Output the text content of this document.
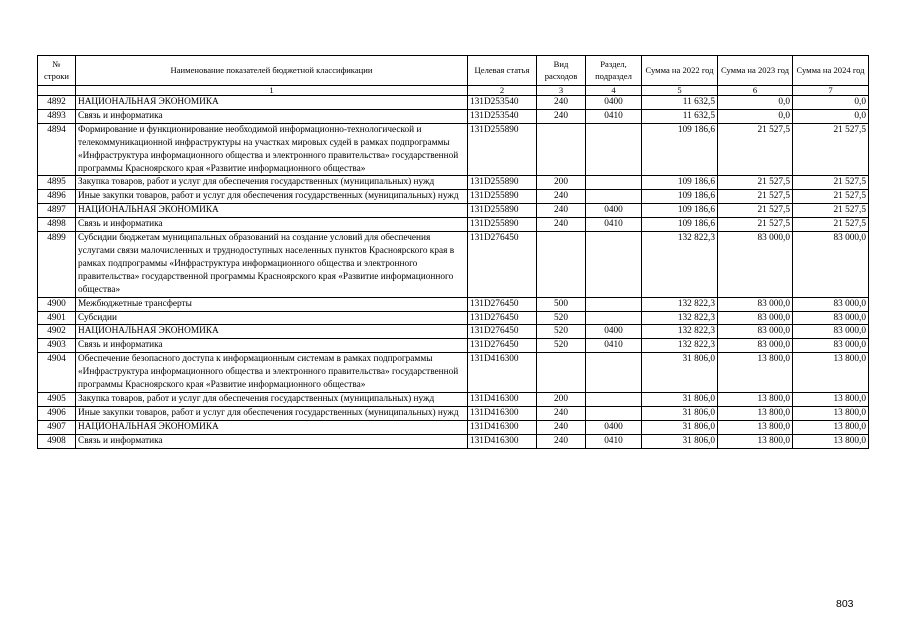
№ строки	Наименование показателей бюджетной классификации	Целевая статья	Вид расходов	Раздел, подраздел	Сумма на 2022 год	Сумма на 2023 год	Сумма на 2024 год
	1	2	3	4	5	6	7
4892	НАЦИОНАЛЬНАЯ ЭКОНОМИКА	131D253540	240	0400	11 632,5	0,0	0,0
4893	Связь и информатика	131D253540	240	0410	11 632,5	0,0	0,0
4894	Формирование и функционирование необходимой информационно-технологической и телекоммуникационной инфраструктуры на участках мировых судей в рамках подпрограммы «Инфраструктура информационного общества и электронного правительства» государственной программы Красноярского края «Развитие информационного общества»	131D255890			109 186,6	21 527,5	21 527,5
4895	Закупка товаров, работ и услуг для обеспечения государственных (муниципальных) нужд	131D255890	200		109 186,6	21 527,5	21 527,5
4896	Иные закупки товаров, работ и услуг для обеспечения государственных (муниципальных) нужд	131D255890	240		109 186,6	21 527,5	21 527,5
4897	НАЦИОНАЛЬНАЯ ЭКОНОМИКА	131D255890	240	0400	109 186,6	21 527,5	21 527,5
4898	Связь и информатика	131D255890	240	0410	109 186,6	21 527,5	21 527,5
4899	Субсидии бюджетам муниципальных образований на создание условий для обеспечения услугами связи малочисленных и труднодоступных населенных пунктов Красноярского края в рамках подпрограммы «Инфраструктура информационного общества и электронного правительства» государственной программы Красноярского края «Развитие информационного общества»	131D276450			132 822,3	83 000,0	83 000,0
4900	Межбюджетные трансферты	131D276450	500		132 822,3	83 000,0	83 000,0
4901	Субсидии	131D276450	520		132 822,3	83 000,0	83 000,0
4902	НАЦИОНАЛЬНАЯ ЭКОНОМИКА	131D276450	520	0400	132 822,3	83 000,0	83 000,0
4903	Связь и информатика	131D276450	520	0410	132 822,3	83 000,0	83 000,0
4904	Обеспечение безопасного доступа к информационным системам в рамках подпрограммы «Инфраструктура информационного общества и электронного правительства» государственной программы Красноярского края «Развитие информационного общества»	131D416300			31 806,0	13 800,0	13 800,0
4905	Закупка товаров, работ и услуг для обеспечения государственных (муниципальных) нужд	131D416300	200		31 806,0	13 800,0	13 800,0
4906	Иные закупки товаров, работ и услуг для обеспечения государственных (муниципальных) нужд	131D416300	240		31 806,0	13 800,0	13 800,0
4907	НАЦИОНАЛЬНАЯ ЭКОНОМИКА	131D416300	240	0400	31 806,0	13 800,0	13 800,0
4908	Связь и информатика	131D416300	240	0410	31 806,0	13 800,0	13 800,0
803
